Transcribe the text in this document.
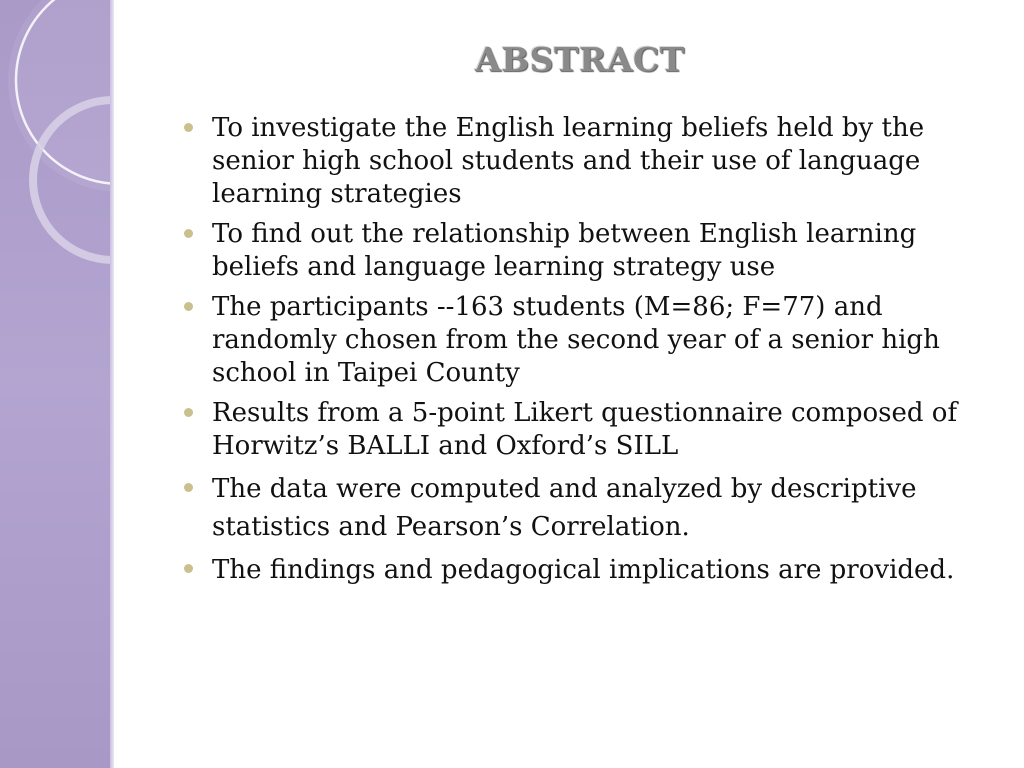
ABSTRACT
To investigate the English learning beliefs held by the senior high school students and their use of language learning strategies
To find out the relationship between English learning beliefs and language learning strategy use
The participants --163 students (M=86; F=77) and randomly chosen from the second year of a senior high school in Taipei County
Results from a 5-point Likert questionnaire composed of Horwitz’s BALLI and Oxford’s SILL
The data were computed and analyzed by descriptive statistics and Pearson’s Correlation.
The findings and pedagogical implications are provided.
